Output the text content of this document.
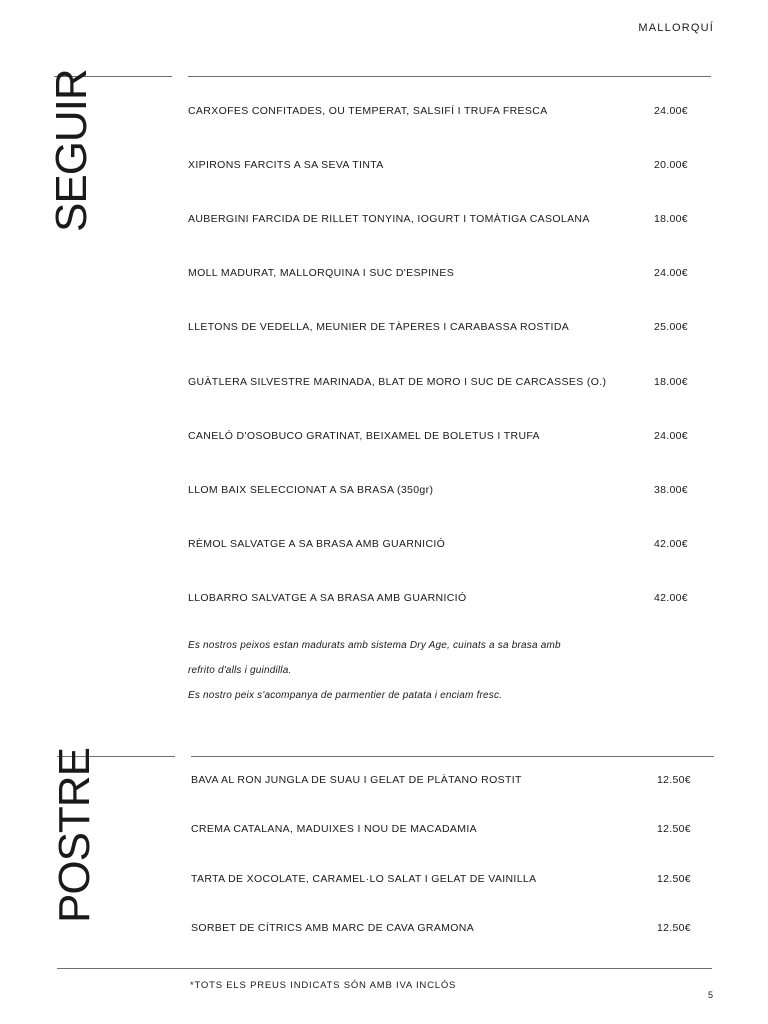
MALLORQUÍ
SEGUIR	CARXOFES CONFITADES, OU TEMPERAT, SALSIFÍ I TRUFA FRESCA	24.00€
XIPIRONS FARCITS A SA SEVA TINTA	20.00€
AUBERGINI FARCIDA DE RILLET TONYINA, IOGURT I TOMÀTIGA CASOLANA	18.00€
MOLL MADURAT, MALLORQUINA I SUC D'ESPINES	24.00€
LLETONS DE VEDELLA, MEUNIER DE TÀPERES I CARABASSA ROSTIDA	25.00€
GUÀTLERA SILVESTRE MARINADA, BLAT DE MORO I SUC DE CARCASSES (O.)	18.00€
CANELÓ D'OSOBUCO GRATINAT, BEIXAMEL DE BOLETUS I TRUFA	24.00€
LLOM BAIX SELECCIONAT A SA BRASA (350gr)	38.00€
RÈMOL SALVATGE A SA BRASA AMB GUARNICIÓ	42.00€
LLOBARRO SALVATGE A SA BRASA AMB GUARNICIÓ	42.00€
Es nostros peixos estan madurats amb sistema Dry Age, cuinats a sa brasa amb
refrito d'alls i guindilla.
Es nostro peix s'acompanya de parmentier de patata i enciam fresc.
POSTRE	BAVA AL RON JUNGLA DE SUAU I GELAT DE PLÀTANO ROSTIT	12.50€
CREMA CATALANA, MADUIXES I NOU DE MACADAMIA	12.50€
TARTA DE XOCOLATE, CARAMEL·LO SALAT I GELAT DE VAINILLA	12.50€
SORBET DE CÍTRICS AMB MARC DE CAVA GRAMONA	12.50€
*TOTS ELS PREUS INDICATS SÓN AMB IVA INCLÒS
5
